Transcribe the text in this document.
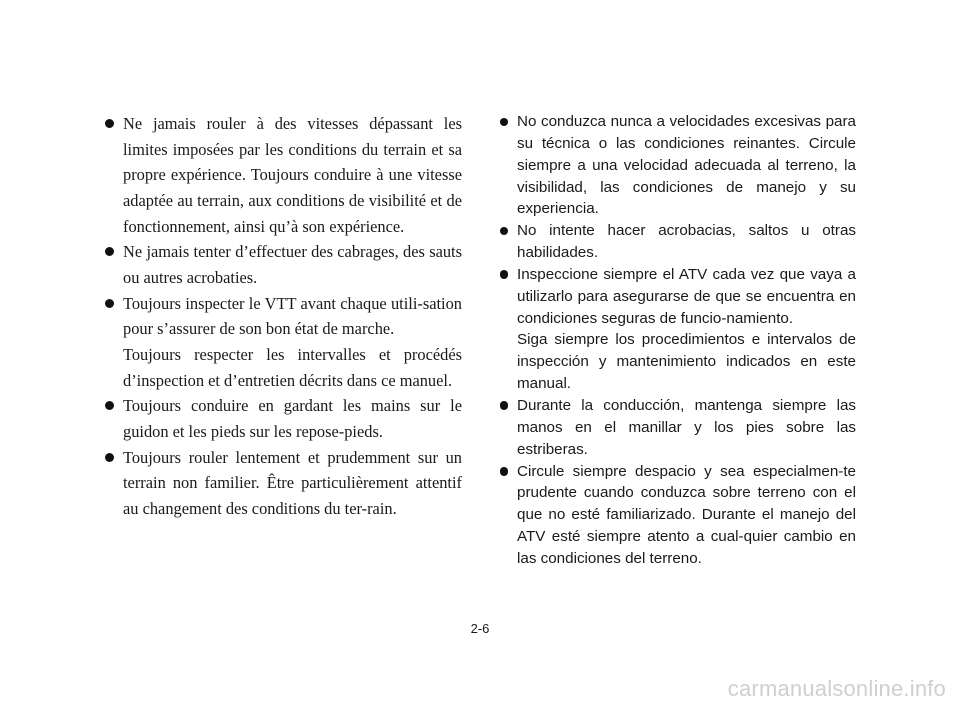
Ne jamais rouler à des vitesses dépassant les limites imposées par les conditions du terrain et sa propre expérience. Toujours conduire à une vitesse adaptée au terrain, aux conditions de visibilité et de fonctionnement, ainsi qu’à son expérience.
Ne jamais tenter d’effectuer des cabrages, des sauts ou autres acrobaties.
Toujours inspecter le VTT avant chaque utili-sation pour s’assurer de son bon état de marche.
Toujours respecter les intervalles et procédés d’inspection et d’entretien décrits dans ce manuel.
Toujours conduire en gardant les mains sur le guidon et les pieds sur les repose-pieds.
Toujours rouler lentement et prudemment sur un terrain non familier. Être particulièrement attentif au changement des conditions du ter-rain.
No conduzca nunca a velocidades excesivas para su técnica o las condiciones reinantes. Circule siempre a una velocidad adecuada al terreno, la visibilidad, las condiciones de manejo y su experiencia.
No intente hacer acrobacias, saltos u otras habilidades.
Inspeccione siempre el ATV cada vez que vaya a utilizarlo para asegurarse de que se encuentra en condiciones seguras de funcio-namiento.
Siga siempre los procedimientos e intervalos de inspección y mantenimiento indicados en este manual.
Durante la conducción, mantenga siempre las manos en el manillar y los pies sobre las estriberas.
Circule siempre despacio y sea especialmen-te prudente cuando conduzca sobre terreno con el que no esté familiarizado. Durante el manejo del ATV esté siempre atento a cual-quier cambio en las condiciones del terreno.
2-6
carmanualsonline.info
